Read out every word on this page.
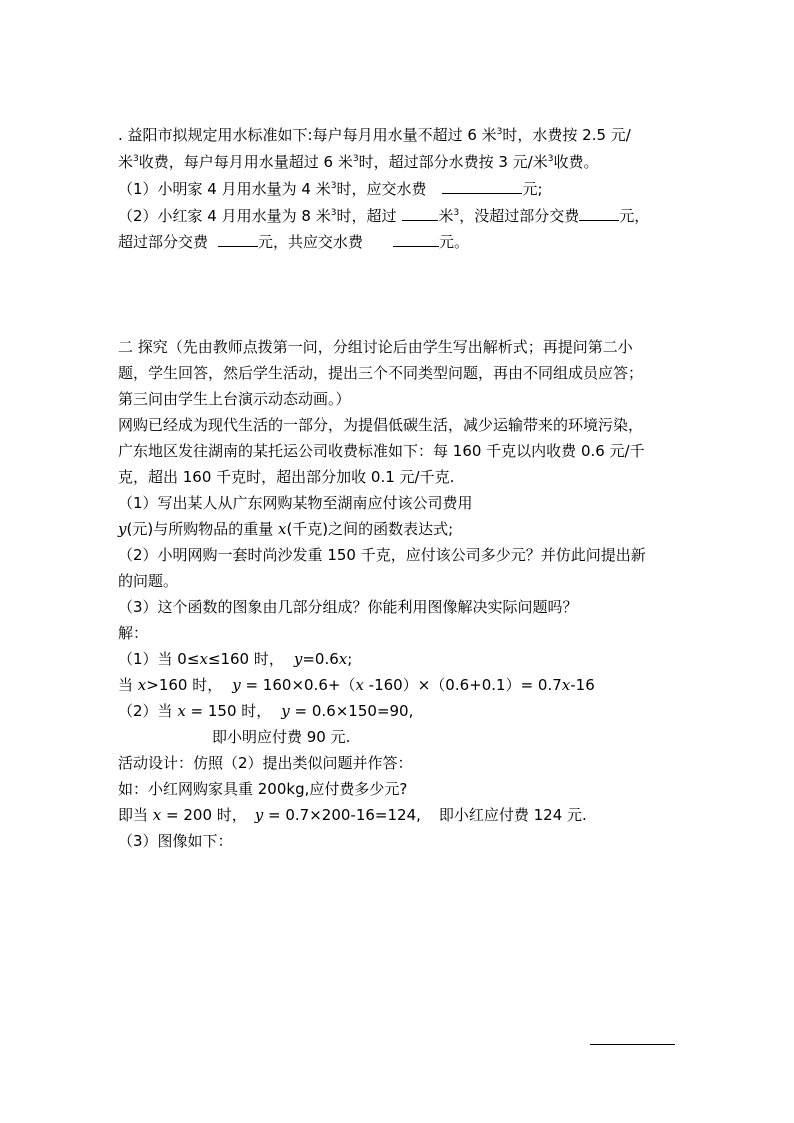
. 益阳市拟规定用水标准如下:每户每月用水量不超过 6 米$^3$时，水费按 2.5 元/
米$^3$收费，每户每月用水量超过 6 米$^3$时，超过部分水费按 3 元/米$^3$收费。
（1）小明家 4 月用水量为 4 米$^3$时，应交水费	元;
（2）小红家 4 月用水量为 8 米$^3$时，超过	米$^3$，没超过部分交费	元，
超过部分交费	元，共应交水费	元。
二 探究（先由教师点拨第一问，分组讨论后由学生写出解析式；再提问第二小
题，学生回答，然后学生活动，提出三个不同类型问题，再由不同组成员应答；
第三问由学生上台演示动态动画。）
网购已经成为现代生活的一部分，为提倡低碳生活，减少运输带来的环境污染，
广东地区发往湖南的某托运公司收费标准如下：每 160 千克以内收费 0.6 元/千
克，超出 160 千克时，超出部分加收 0.1 元/千克.
（1）写出某人从广东网购某物至湖南应付该公司费用
y(元)与所购物品的重量 x(千克)之间的函数表达式;
（2）小明网购一套时尚沙发重 150 千克，应付该公司多少元？并仿此问提出新
的问题。
（3）这个函数的图象由几部分组成？你能利用图像解决实际问题吗？
解：
（1）当 0≤x≤160 时， y=0.6x;
当 x>160 时， y = 160×0.6+（x -160）×（0.6+0.1）= 0.7x-16
（2）当 x = 150 时， y = 0.6×150=90,
即小明应付费 90 元.
活动设计：仿照（2）提出类似问题并作答：
如：小红网购家具重 200kg,应付费多少元?
即当 x = 200 时， y = 0.7×200-16=124, 即小红应付费 124 元.
（3）图像如下：
